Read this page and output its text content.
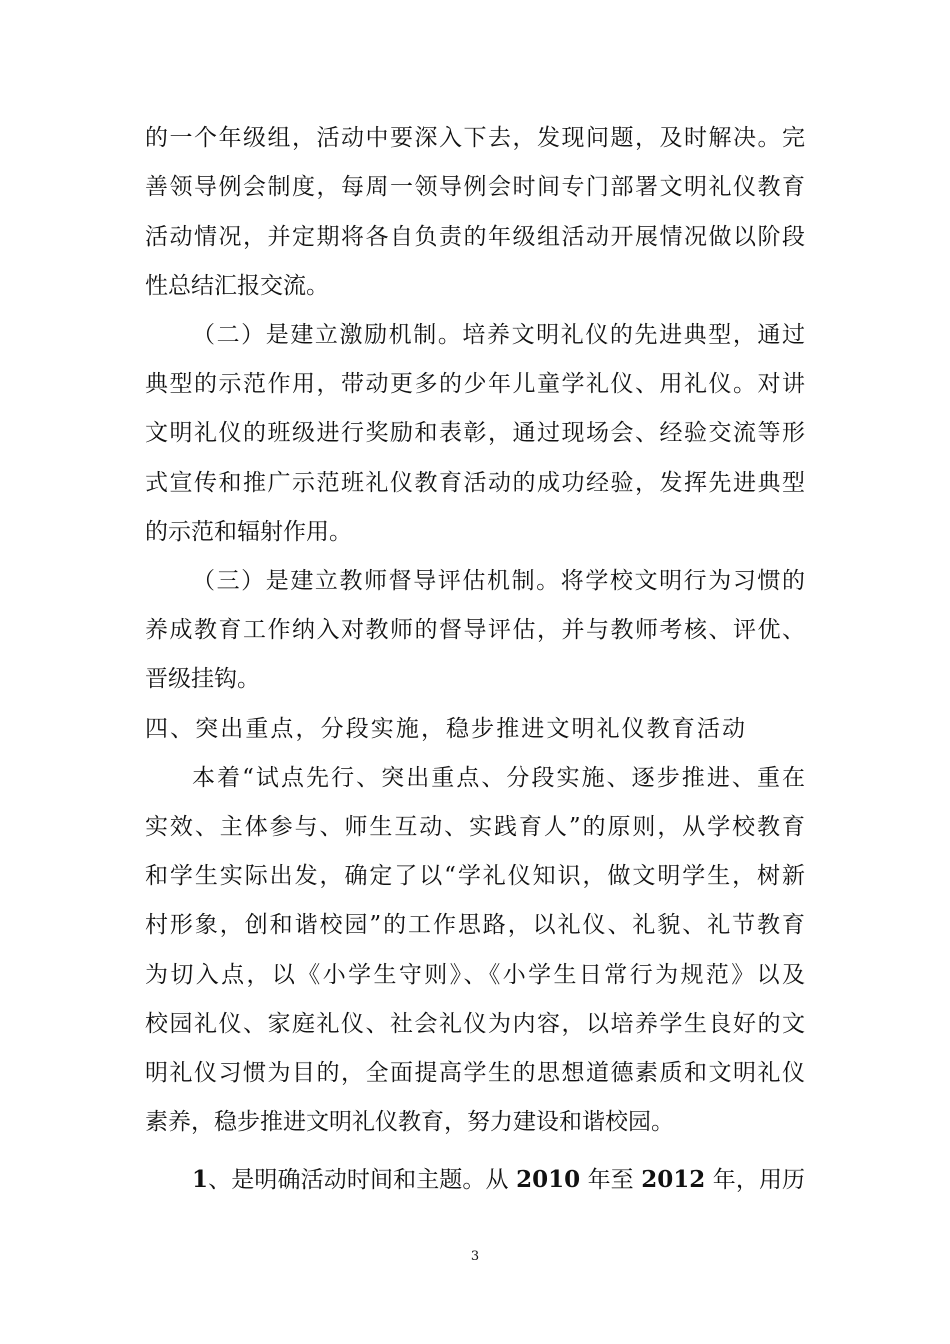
的一个年级组，活动中要深入下去，发现问题，及时解决。完
善领导例会制度，每周一领导例会时间专门部署文明礼仪教育
活动情况，并定期将各自负责的年级组活动开展情况做以阶段
性总结汇报交流。
（二）是建立激励机制。培养文明礼仪的先进典型，通过
典型的示范作用，带动更多的少年儿童学礼仪、用礼仪。对讲
文明礼仪的班级进行奖励和表彰，通过现场会、经验交流等形
式宣传和推广示范班礼仪教育活动的成功经验，发挥先进典型
的示范和辐射作用。
（三）是建立教师督导评估机制。将学校文明行为习惯的
养成教育工作纳入对教师的督导评估，并与教师考核、评优、
晋级挂钩。
四、突出重点，分段实施，稳步推进文明礼仪教育活动
本着“试点先行、突出重点、分段实施、逐步推进、重在
实效、主体参与、师生互动、实践育人”的原则，从学校教育
和学生实际出发，确定了以“学礼仪知识，做文明学生，树新
村形象，创和谐校园”的工作思路，以礼仪、礼貌、礼节教育
为切入点，以《小学生守则》、《小学生日常行为规范》以及
校园礼仪、家庭礼仪、社会礼仪为内容，以培养学生良好的文
明礼仪习惯为目的，全面提高学生的思想道德素质和文明礼仪
素养，稳步推进文明礼仪教育，努力建设和谐校园。
1、是明确活动时间和主题。从 2010 年至 2012 年，用历
3
